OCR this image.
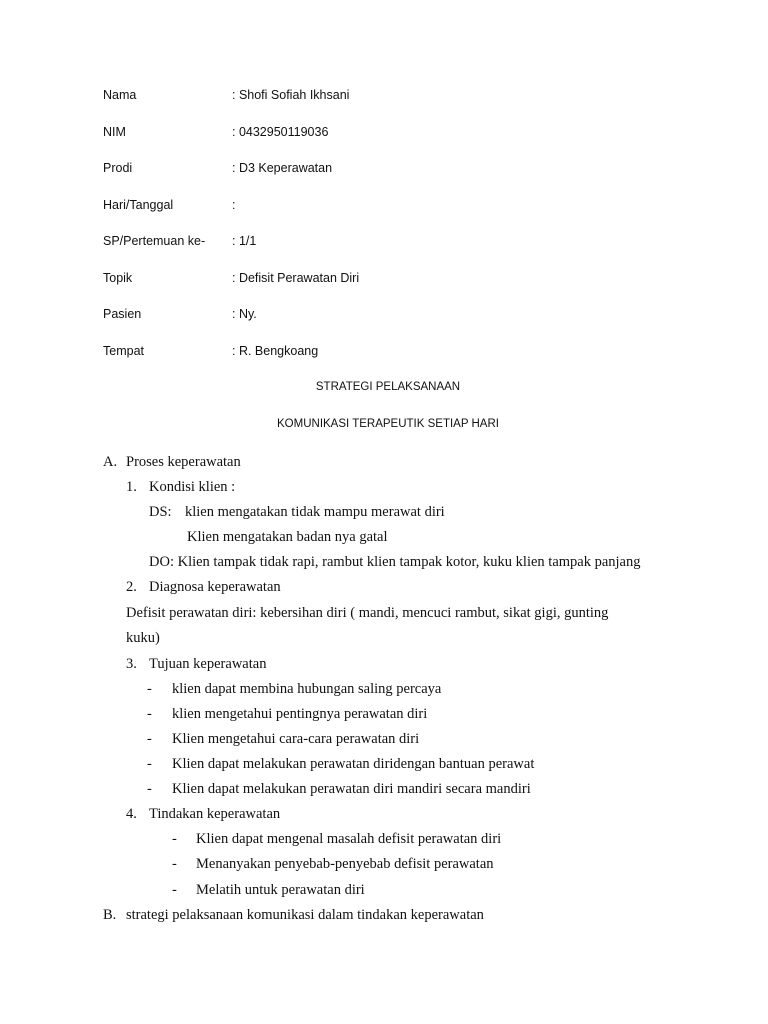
Nama	: Shofi Sofiah Ikhsani
NIM	: 0432950119036
Prodi	: D3 Keperawatan
Hari/Tanggal	:
SP/Pertemuan ke- : 1/1
Topik	: Defisit Perawatan Diri
Pasien	: Ny.
Tempat	: R. Bengkoang
STRATEGI PELAKSANAAN
KOMUNIKASI TERAPEUTIK SETIAP HARI
A. Proses keperawatan
1. Kondisi klien :
DS: klien mengatakan tidak mampu merawat diri
Klien mengatakan badan nya gatal
DO: Klien tampak tidak rapi, rambut klien tampak kotor, kuku klien tampak panjang
2. Diagnosa keperawatan
Defisit perawatan diri: kebersihan diri ( mandi, mencuci rambut, sikat gigi, gunting
kuku)
3. Tujuan keperawatan
- klien dapat membina hubungan saling percaya
- klien mengetahui pentingnya perawatan diri
- Klien mengetahui cara-cara perawatan diri
- Klien dapat melakukan perawatan diridengan bantuan perawat
- Klien dapat melakukan perawatan diri mandiri secara mandiri
4. Tindakan keperawatan
- Klien dapat mengenal masalah defisit perawatan diri
- Menanyakan penyebab-penyebab defisit perawatan
- Melatih untuk perawatan diri
B. strategi pelaksanaan komunikasi dalam tindakan keperawatan
